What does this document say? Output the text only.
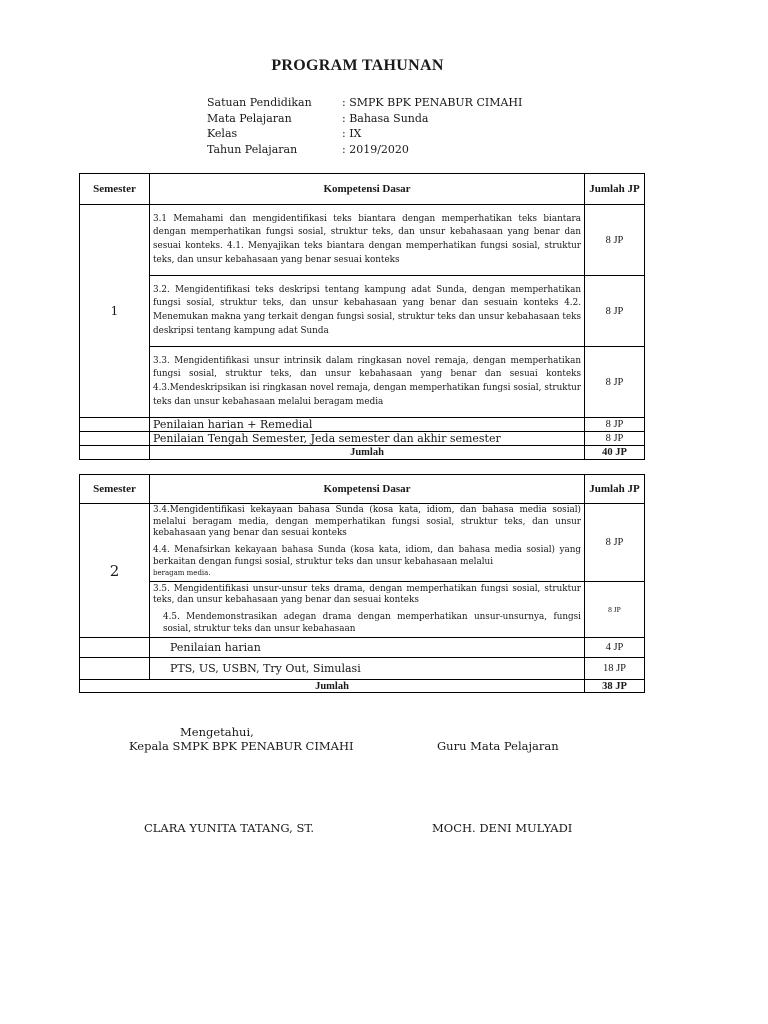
PROGRAM TAHUNAN
Satuan Pendidikan	: SMPK BPK PENABUR CIMAHI
Mata Pelajaran	: Bahasa Sunda
Kelas	: IX
Tahun Pelajaran	: 2019/2020
Semester	Kompetensi Dasar	Jumlah JP
1	3.1 Memahami dan mengidentifikasi teks biantara dengan memperhatikan teks biantara dengan memperhatikan fungsi sosial, struktur teks, dan unsur kebahasaan yang benar dan sesuai konteks. 4.1. Menyajikan teks biantara dengan memperhatikan fungsi sosial, struktur teks, dan unsur kebahasaan yang benar sesuai konteks	8 JP
	3.2. Mengidentifikasi teks deskripsi tentang kampung adat Sunda, dengan memperhatikan fungsi sosial, struktur teks, dan unsur kebahasaan yang benar dan sesuain konteks 4.2. Menemukan makna yang terkait dengan fungsi sosial, struktur teks dan unsur kebahasaan teks deskripsi tentang kampung adat Sunda	8 JP
	3.3. Mengidentifikasi unsur intrinsik dalam ringkasan novel remaja, dengan memperhatikan fungsi sosial, struktur teks, dan unsur kebahasaan yang benar dan sesuai konteks 4.3.Mendeskripsikan isi ringkasan novel remaja, dengan memperhatikan fungsi sosial, struktur teks dan unsur kebahasaan melalui beragam media	8 JP
	Penilaian harian + Remedial	8 JP
	Penilaian Tengah Semester, Jeda semester dan akhir semester	8 JP
	Jumlah	40 JP
Semester	Kompetensi Dasar	Jumlah JP
2	3.4.Mengidentifikasi kekayaan bahasa Sunda (kosa kata, idiom, dan bahasa media sosial) melalui beragam media, dengan memperhatikan fungsi sosial, struktur teks, dan unsur kebahasaan yang benar dan sesuai konteks

4.4. Menafsirkan kekayaan bahasa Sunda (kosa kata, idiom, dan bahasa media sosial) yang berkaitan dengan fungsi sosial, struktur teks dan unsur kebahasaan melalui

beragam media.	8 JP

	3.5. Mengidentifikasi unsur-unsur teks drama, dengan memperhatikan fungsi sosial, struktur teks, dan unsur kebahasaan yang benar dan sesuai konteks

4.5. Mendemonstrasikan adegan drama dengan memperhatikan unsur-unsurnya, fungsi sosial, struktur teks dan unsur kebahasaan	8 JP
	Penilaian harian	4 JP
	PTS, US, USBN, Try Out, Simulasi	18 JP
Jumlah		38 JP
Mengetahui,
Kepala SMPK BPK PENABUR CIMAHI	Guru Mata Pelajaran
CLARA YUNITA TATANG, ST.	MOCH. DENI MULYADI
